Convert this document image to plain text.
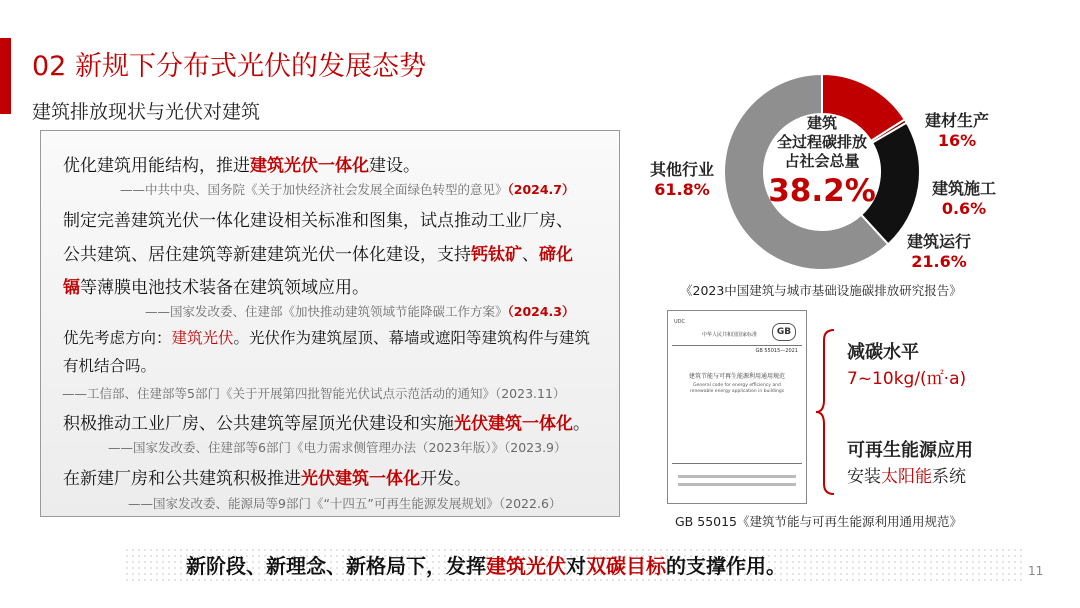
02 新规下分布式光伏的发展态势
建筑排放现状与光伏对建筑
优化建筑用能结构，推进建筑光伏一体化建设。
——中共中央、国务院《关于加快经济社会发展全面绿色转型的意见》（2024.7）
制定完善建筑光伏一体化建设相关标准和图集，试点推动工业厂房、
公共建筑、居住建筑等新建建筑光伏一体化建设，支持钙钛矿、碲化
镉等薄膜电池技术装备在建筑领域应用。
——国家发改委、住建部《加快推动建筑领域节能降碳工作方案》（2024.3）
优先考虑方向：建筑光伏。光伏作为建筑屋顶、幕墙或遮阳等建筑构件与建筑
有机结合吗。
——工信部、住建部等5部门《关于开展第四批智能光伏试点示范活动的通知》（2023.11）
积极推动工业厂房、公共建筑等屋顶光伏建设和实施光伏建筑一体化。
——国家发改委、住建部等6部门《电力需求侧管理办法（2023年版）》（2023.9）
在新建厂房和公共建筑积极推进光伏建筑一体化开发。
——国家发改委、能源局等9部门《“十四五”可再生能源发展规划》（2022.6）
建筑
全过程碳排放
占社会总量
38.2%
建材生产
16%
建筑施工
0.6%
建筑运行
21.6%
其他行业
61.8%
《2023中国建筑与城市基础设施碳排放研究报告》
UDC
中华人民共和国国家标准	GB
GB 55015—2021
建筑节能与可再生能源利用通用规范
General code for energy efficiency and renewable energy application in buildings
GB 55015《建筑节能与可再生能源利用通用规范》
减碳水平
7~10kg/(㎡·a)
可再生能源应用
安装太阳能系统
新阶段、新理念、新格局下，发挥建筑光伏对双碳目标的支撑作用。	11
